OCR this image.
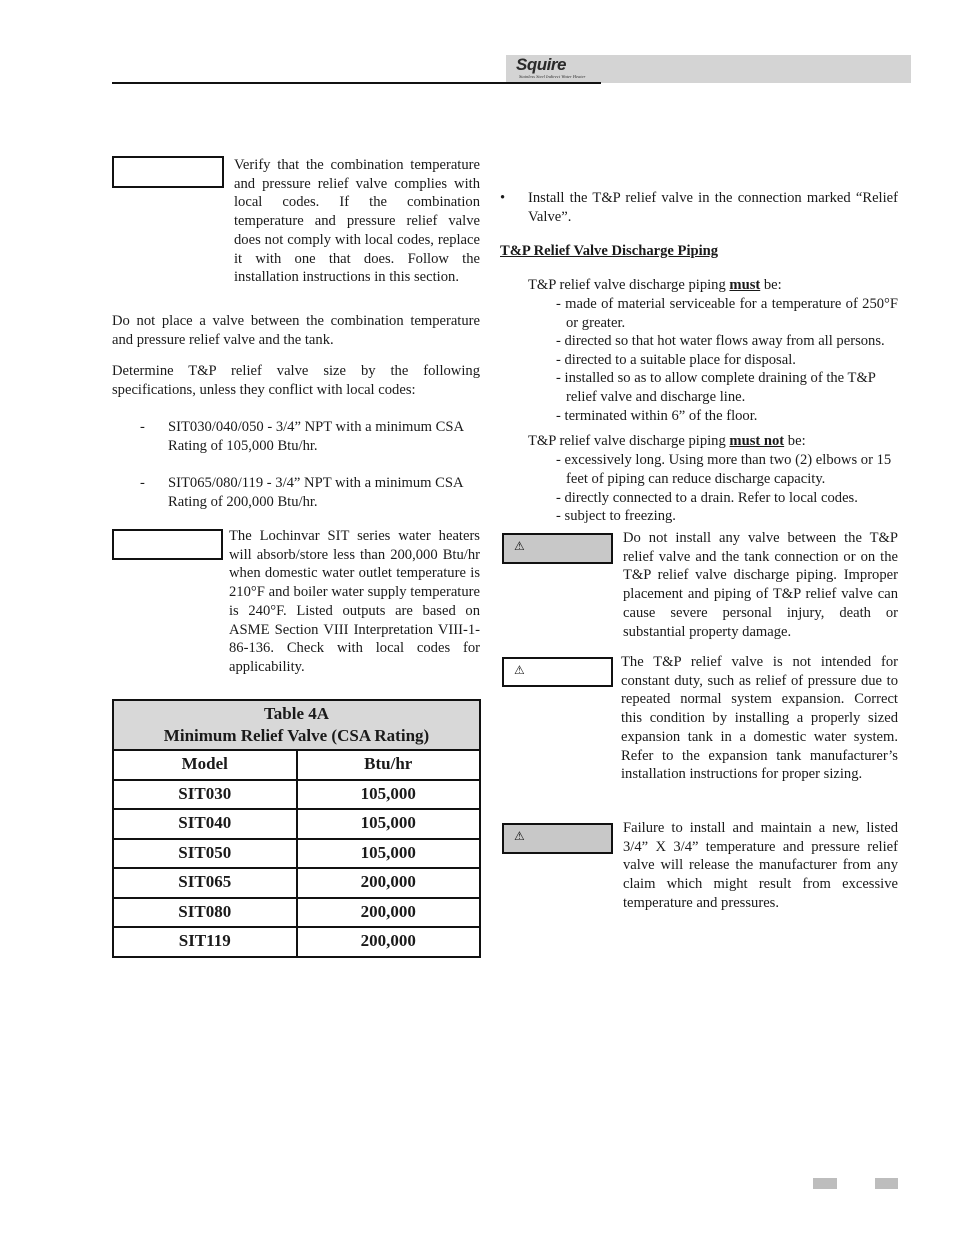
Squire
Stainless Steel Indirect Water Heater
Verify that the combination temperature and pressure relief valve complies with local codes. If the combination temperature and pressure relief valve does not comply with local codes, replace it with one that does. Follow the installation instructions in this section.
Do not place a valve between the combination temperature and pressure relief valve and the tank.
Determine T&P relief valve size by the following specifications, unless they conflict with local codes:
- SIT030/040/050 - 3/4” NPT with a minimum CSA Rating of 105,000 Btu/hr.
- SIT065/080/119 - 3/4” NPT with a minimum CSA Rating of 200,000 Btu/hr.
The Lochinvar SIT series water heaters will absorb/store less than 200,000 Btu/hr when domestic water outlet temperature is 210°F and boiler water supply temperature is 240°F. Listed outputs are based on ASME Section VIII Interpretation VIII-1-86-136. Check with local codes for applicability.
Table 4A
Minimum Relief Valve (CSA Rating)	

Model	Btu/hr
SIT030	105,000
SIT040	105,000
SIT050	105,000
SIT065	200,000
SIT080	200,000
SIT119	200,000
• Install the T&P relief valve in the connection marked “Relief Valve”.
T&P Relief Valve Discharge Piping
T&P relief valve discharge piping must be:
- made of material serviceable for a temperature of 250°F or greater.
- directed so that hot water flows away from all persons.
- directed to a suitable place for disposal.
- installed so as to allow complete draining of the T&P relief valve and discharge line.
- terminated within 6” of the floor.
T&P relief valve discharge piping must not be:
- excessively long. Using more than two (2) elbows or 15 feet of piping can reduce discharge capacity.
- directly connected to a drain. Refer to local codes.
- subject to freezing.
⚠	Do not install any valve between the T&P relief valve and the tank connection or on the T&P relief valve discharge piping. Improper placement and piping of T&P relief valve can cause severe personal injury, death or substantial property damage.
⚠	The T&P relief valve is not intended for constant duty, such as relief of pressure due to repeated normal system expansion. Correct this condition by installing a properly sized expansion tank in a domestic water system. Refer to the expansion tank manufacturer’s installation instructions for proper sizing.
⚠	Failure to install and maintain a new, listed 3/4” X 3/4” temperature and pressure relief valve will release the manufacturer from any claim which might result from excessive temperature and pressures.
